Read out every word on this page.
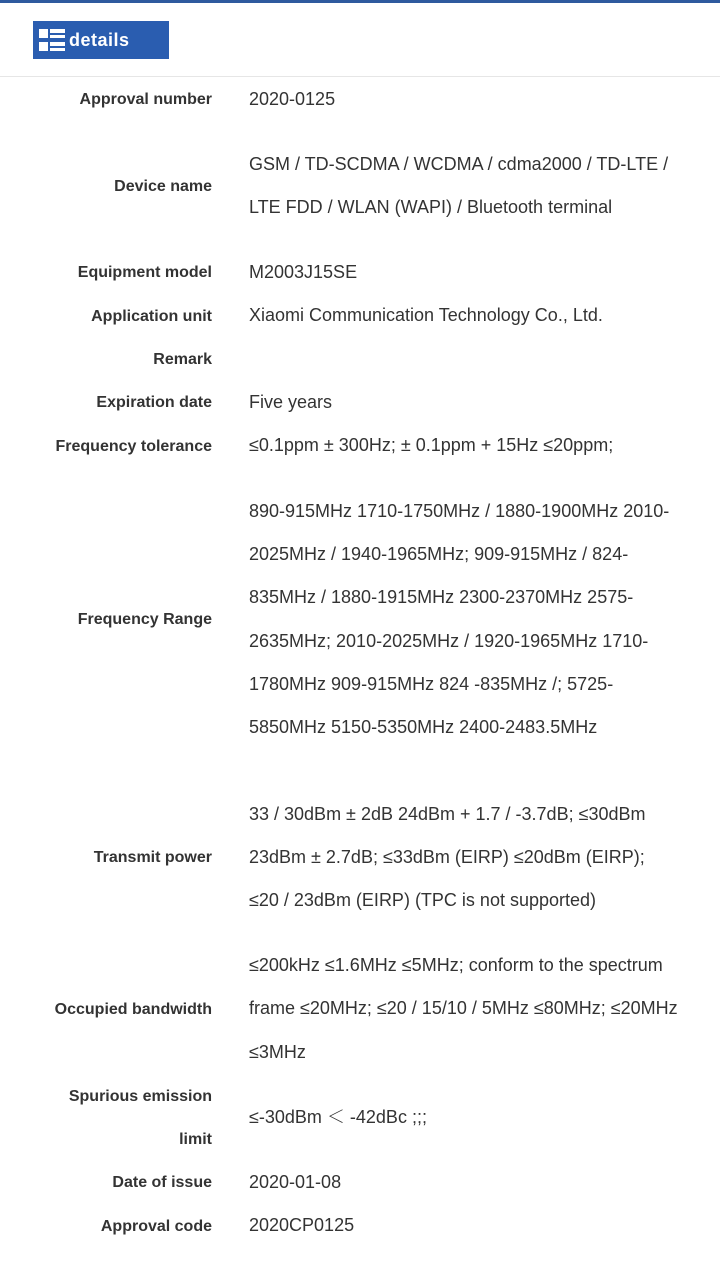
details
Approval number 2020-0125
Device name
GSM / TD-SCDMA / WCDMA / cdma2000 / TD-LTE / LTE FDD / WLAN (WAPI) / Bluetooth terminal
Equipment model M2003J15SE
Application unit Xiaomi Communication Technology Co., Ltd.
Remark
Expiration date Five years
Frequency tolerance ≤0.1ppm ± 300Hz; ± 0.1ppm + 15Hz ≤20ppm;
Frequency Range
890-915MHz 1710-1750MHz / 1880-1900MHz 2010-2025MHz / 1940-1965MHz; 909-915MHz / 824-835MHz / 1880-1915MHz 2300-2370MHz 2575-2635MHz; 2010-2025MHz / 1920-1965MHz 1710-1780MHz 909-915MHz 824 -835MHz /; 5725-5850MHz 5150-5350MHz 2400-2483.5MHz
Transmit power
33 / 30dBm ± 2dB 24dBm + 1.7 / -3.7dB; ≤30dBm 23dBm ± 2.7dB; ≤33dBm (EIRP) ≤20dBm (EIRP); ≤20 / 23dBm (EIRP) (TPC is not supported)
Occupied bandwidth
≤200kHz ≤1.6MHz ≤5MHz; conform to the spectrum frame ≤20MHz; ≤20 / 15/10 / 5MHz ≤80MHz; ≤20MHz ≤3MHz
Spurious emission limit
≤-30dBm ＜ -42dBc ;;;
Date of issue 2020-01-08
Approval code 2020CP0125
